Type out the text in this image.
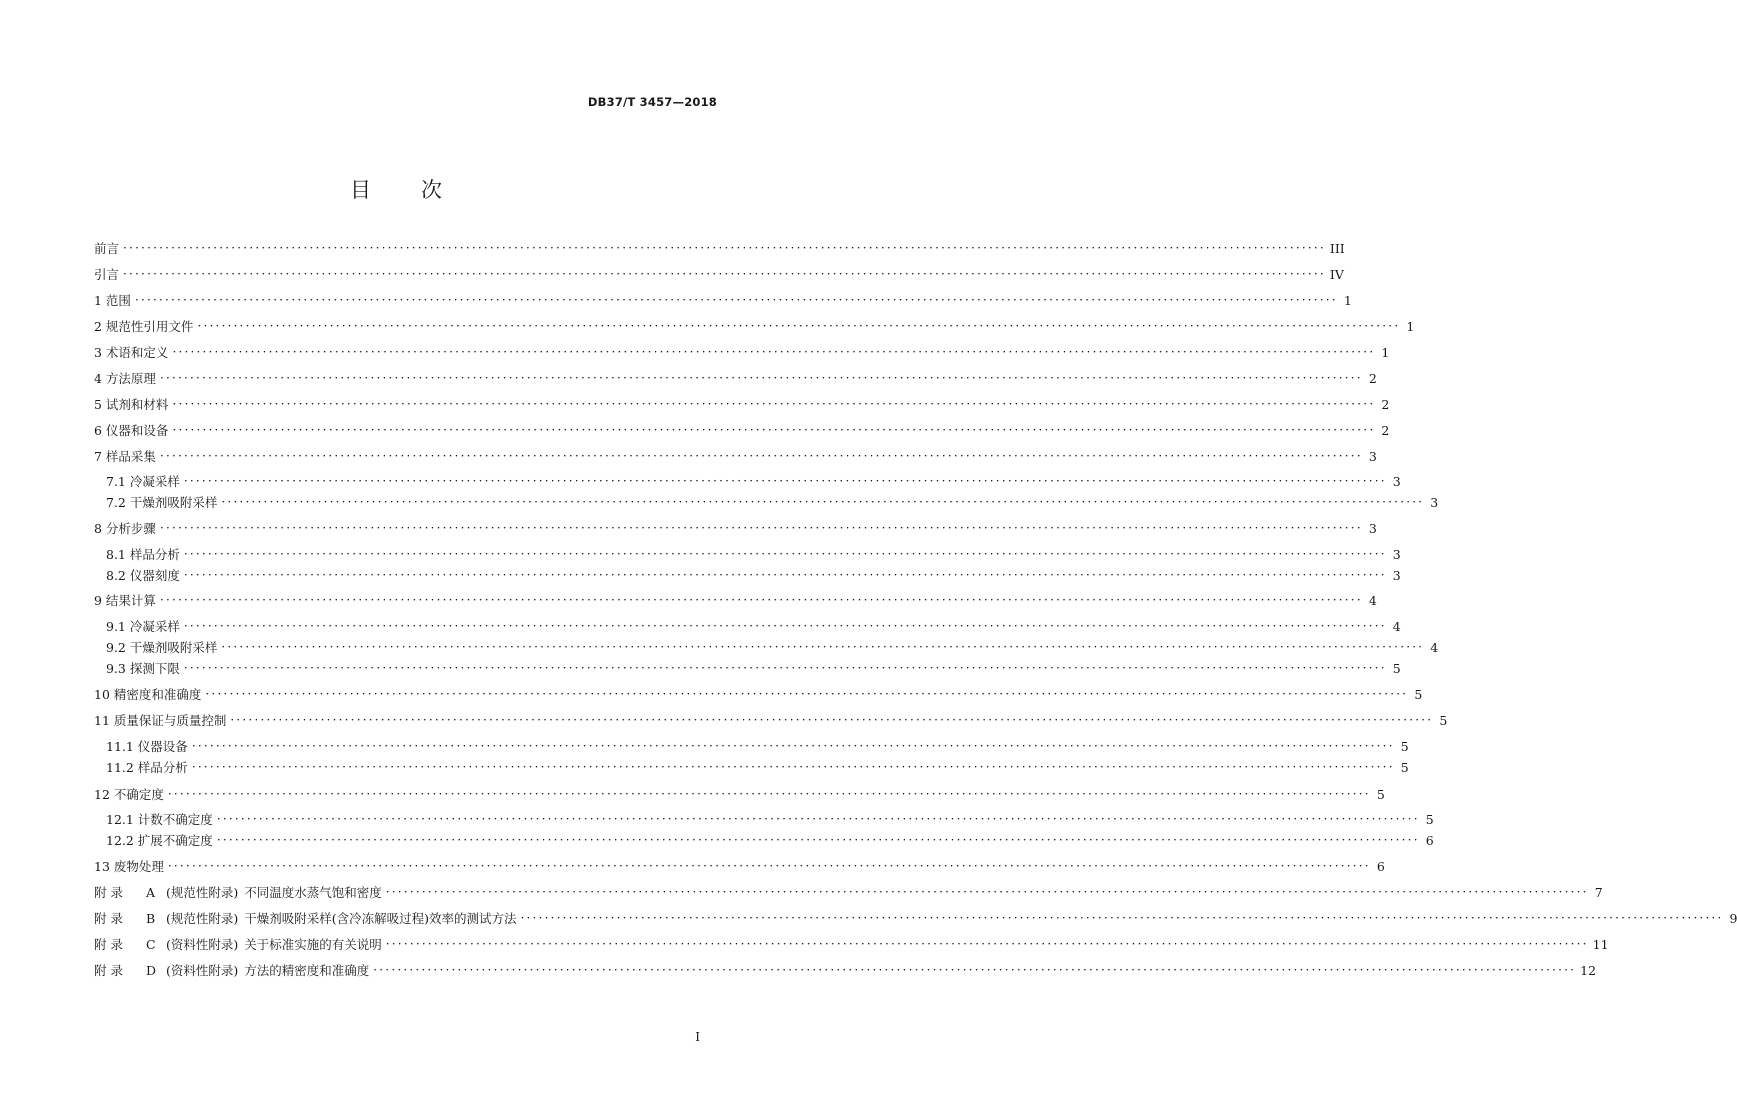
DB37/T 3457—2018
目 次
前言 ········································································································································································································ III
引言 ········································································································································································································ IV
1 范围 ········································································································································································································ 1
2 规范性引用文件 ········································································································································································································ 1
3 术语和定义 ········································································································································································································ 1
4 方法原理 ········································································································································································································ 2
5 试剂和材料 ········································································································································································································ 2
6 仪器和设备 ········································································································································································································ 2
7 样品采集 ········································································································································································································ 3
7.1 冷凝采样 ········································································································································································································ 3
7.2 干燥剂吸附采样 ········································································································································································································ 3
8 分析步骤 ········································································································································································································ 3
8.1 样品分析 ········································································································································································································ 3
8.2 仪器刻度 ········································································································································································································ 3
9 结果计算 ········································································································································································································ 4
9.1 冷凝采样 ········································································································································································································ 4
9.2 干燥剂吸附采样 ········································································································································································································ 4
9.3 探测下限 ········································································································································································································ 5
10 精密度和准确度 ········································································································································································································ 5
11 质量保证与质量控制 ········································································································································································································ 5
11.1 仪器设备 ········································································································································································································ 5
11.2 样品分析 ········································································································································································································ 5
12 不确定度 ········································································································································································································ 5
12.1 计数不确定度 ········································································································································································································ 5
12.2 扩展不确定度 ········································································································································································································ 6
13 废物处理 ········································································································································································································ 6
附 录 A (规范性附录) 不同温度水蒸气饱和密度 ········································································································································································································ 7
附 录 B (规范性附录) 干燥剂吸附采样(含冷冻解吸过程)效率的测试方法 ········································································································································································································ 9
附 录 C (资料性附录) 关于标准实施的有关说明 ········································································································································································································ 11
附 录 D (资料性附录) 方法的精密度和准确度 ········································································································································································································ 12
I
